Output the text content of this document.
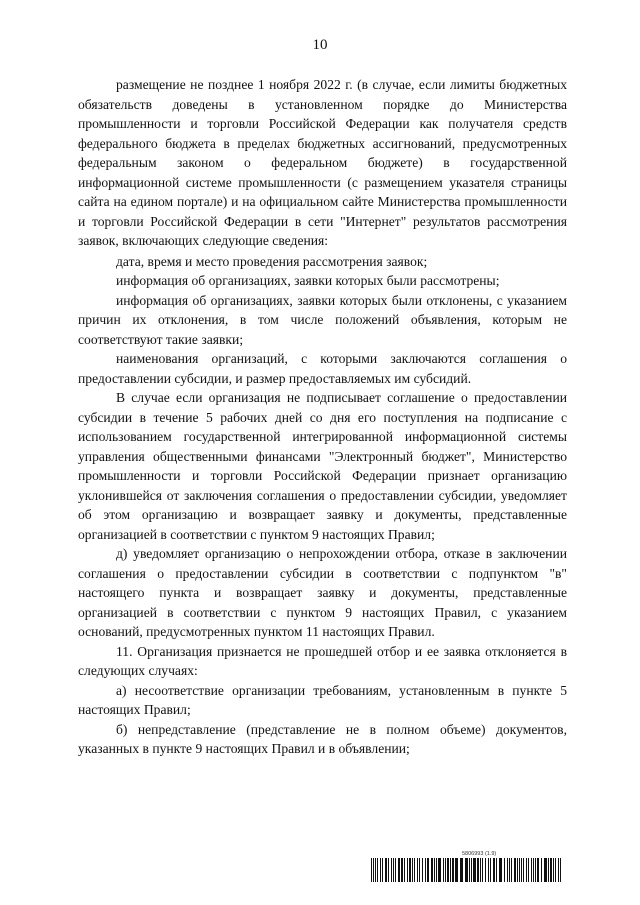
10

размещение не позднее 1 ноября 2022 г. (в случае, если лимиты бюджетных обязательств доведены в установленном порядке до Министерства промышленности и торговли Российской Федерации как получателя средств федерального бюджета в пределах бюджетных ассигнований, предусмотренных федеральным законом о федеральном бюджете) в государственной информационной системе промышленности (с размещением указателя страницы сайта на едином портале) и на официальном сайте Министерства промышленности и торговли Российской Федерации в сети "Интернет" результатов рассмотрения заявок, включающих следующие сведения:

дата, время и место проведения рассмотрения заявок;

информация об организациях, заявки которых были рассмотрены;

информация об организациях, заявки которых были отклонены, с указанием причин их отклонения, в том числе положений объявления, которым не соответствуют такие заявки;

наименования организаций, с которыми заключаются соглашения о предоставлении субсидии, и размер предоставляемых им субсидий.

В случае если организация не подписывает соглашение о предоставлении субсидии в течение 5 рабочих дней со дня его поступления на подписание с использованием государственной интегрированной информационной системы управления общественными финансами "Электронный бюджет", Министерство промышленности и торговли Российской Федерации признает организацию уклонившейся от заключения соглашения о предоставлении субсидии, уведомляет об этом организацию и возвращает заявку и документы, представленные организацией в соответствии с пунктом 9 настоящих Правил;

д) уведомляет организацию о непрохождении отбора, отказе в заключении соглашения о предоставлении субсидии в соответствии с подпунктом "в" настоящего пункта и возвращает заявку и документы, представленные организацией в соответствии с пунктом 9 настоящих Правил, с указанием оснований, предусмотренных пунктом 11 настоящих Правил.

11. Организация признается не прошедшей отбор и ее заявка отклоняется в следующих случаях:

а) несоответствие организации требованиям, установленным в пункте 5 настоящих Правил;

б) непредставление (представление не в полном объеме) документов, указанных в пункте 9 настоящих Правил и в объявлении;

5806993 (1.9)
